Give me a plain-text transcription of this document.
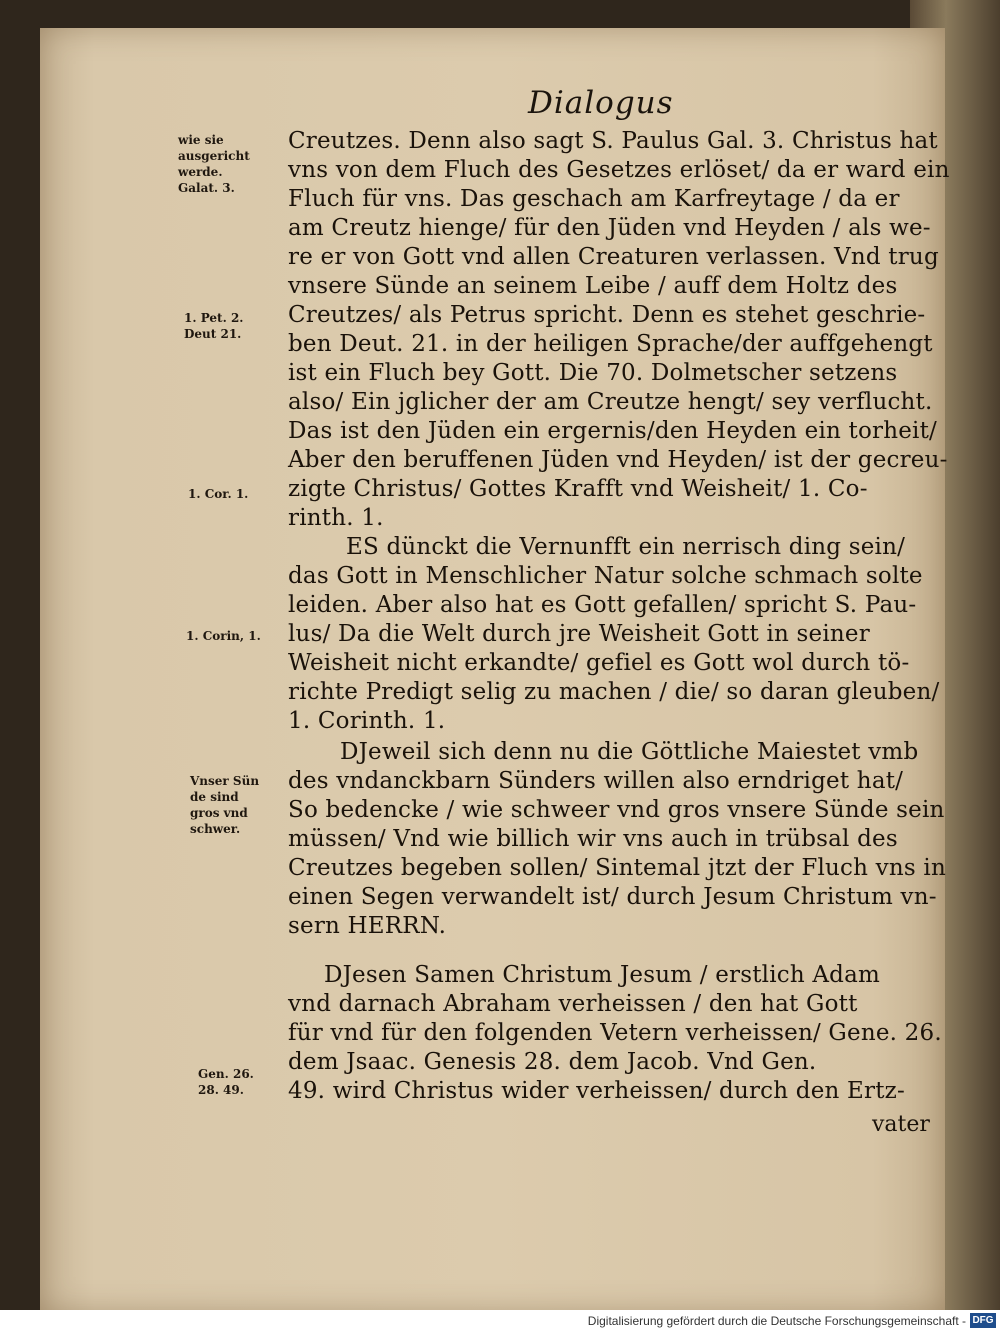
Dialogus
wie sie
ausgericht
werde.
Galat. 3.
1. Pet. 2.
Deut 21.
1. Cor. 1.
1. Corin, 1.
Vnser Sün
de sind
gros vnd
schwer.
Gen. 26.
28. 49.
Creutzes. Denn also sagt S. Paulus Gal. 3. Christus hat
vns von dem Fluch des Gesetzes erlöset/ da er ward ein
Fluch für vns. Das geschach am Karfreytage / da er
am Creutz hienge/ für den Jüden vnd Heyden / als we-
re er von Gott vnd allen Creaturen verlassen. Vnd trug
vnsere Sünde an seinem Leibe / auff dem Holtz des
Creutzes/ als Petrus spricht. Denn es stehet geschrie-
ben Deut. 21. in der heiligen Sprache/der auffgehengt
ist ein Fluch bey Gott. Die 70. Dolmetscher setzens
also/ Ein jglicher der am Creutze hengt/ sey verflucht.
Das ist den Jüden ein ergernis/den Heyden ein torheit/
Aber den beruffenen Jüden vnd Heyden/ ist der gecreu-
zigte Christus/ Gottes Krafft vnd Weisheit/ 1. Co-
rinth. 1.
ES dünckt die Vernunfft ein nerrisch ding sein/
das Gott in Menschlicher Natur solche schmach solte
leiden. Aber also hat es Gott gefallen/ spricht S. Pau-
lus/ Da die Welt durch jre Weisheit Gott in seiner
Weisheit nicht erkandte/ gefiel es Gott wol durch tö-
richte Predigt selig zu machen / die/ so daran gleuben/
1. Corinth. 1.
DJeweil sich denn nu die Göttliche Maiestet vmb
des vndanckbarn Sünders willen also erndriget hat/
So bedencke / wie schweer vnd gros vnsere Sünde sein
müssen/ Vnd wie billich wir vns auch in trübsal des
Creutzes begeben sollen/ Sintemal jtzt der Fluch vns in
einen Segen verwandelt ist/ durch Jesum Christum vn-
sern HERRN.
DJesen Samen Christum Jesum / erstlich Adam
vnd darnach Abraham verheissen / den hat Gott
für vnd für den folgenden Vetern verheissen/ Gene. 26.
dem Jsaac. Genesis 28. dem Jacob. Vnd Gen.
49. wird Christus wider verheissen/ durch den Ertz-
vater
Digitalisierung gefördert durch die Deutsche Forschungsgemeinschaft - DFG
